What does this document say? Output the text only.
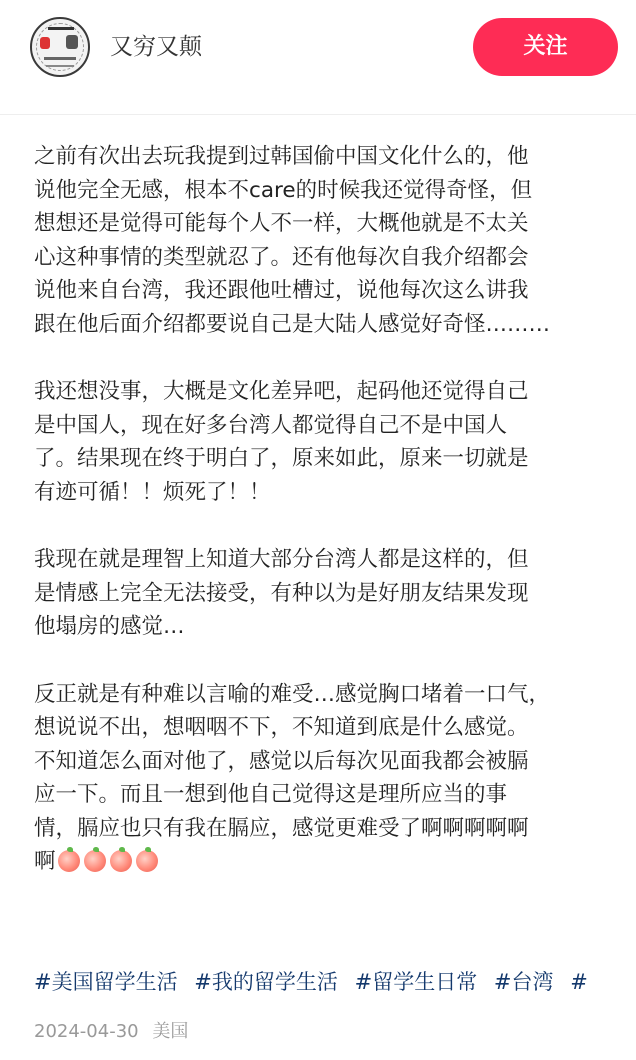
又穷又颠	关注

之前有次出去玩我提到过韩国偷中国文化什么的，他
说他完全无感，根本不care的时候我还觉得奇怪，但
想想还是觉得可能每个人不一样，大概他就是不太关
心这种事情的类型就忍了。还有他每次自我介绍都会
说他来自台湾，我还跟他吐槽过，说他每次这么讲我
跟在他后面介绍都要说自己是大陆人感觉好奇怪………

我还想没事，大概是文化差异吧，起码他还觉得自己
是中国人，现在好多台湾人都觉得自己不是中国人
了。结果现在终于明白了，原来如此，原来一切就是
有迹可循！！烦死了！！

我现在就是理智上知道大部分台湾人都是这样的，但
是情感上完全无法接受，有种以为是好朋友结果发现
他塌房的感觉…

反正就是有种难以言喻的难受…感觉胸口堵着一口气，
想说说不出，想咽咽不下，不知道到底是什么感觉。
不知道怎么面对他了，感觉以后每次见面我都会被膈
应一下。而且一想到他自己觉得这是理所应当的事
情，膈应也只有我在膈应，感觉更难受了啊啊啊啊啊
啊

#美国留学生活 #我的留学生活 #留学生日常 #台湾 #
2024-04-30 美国
